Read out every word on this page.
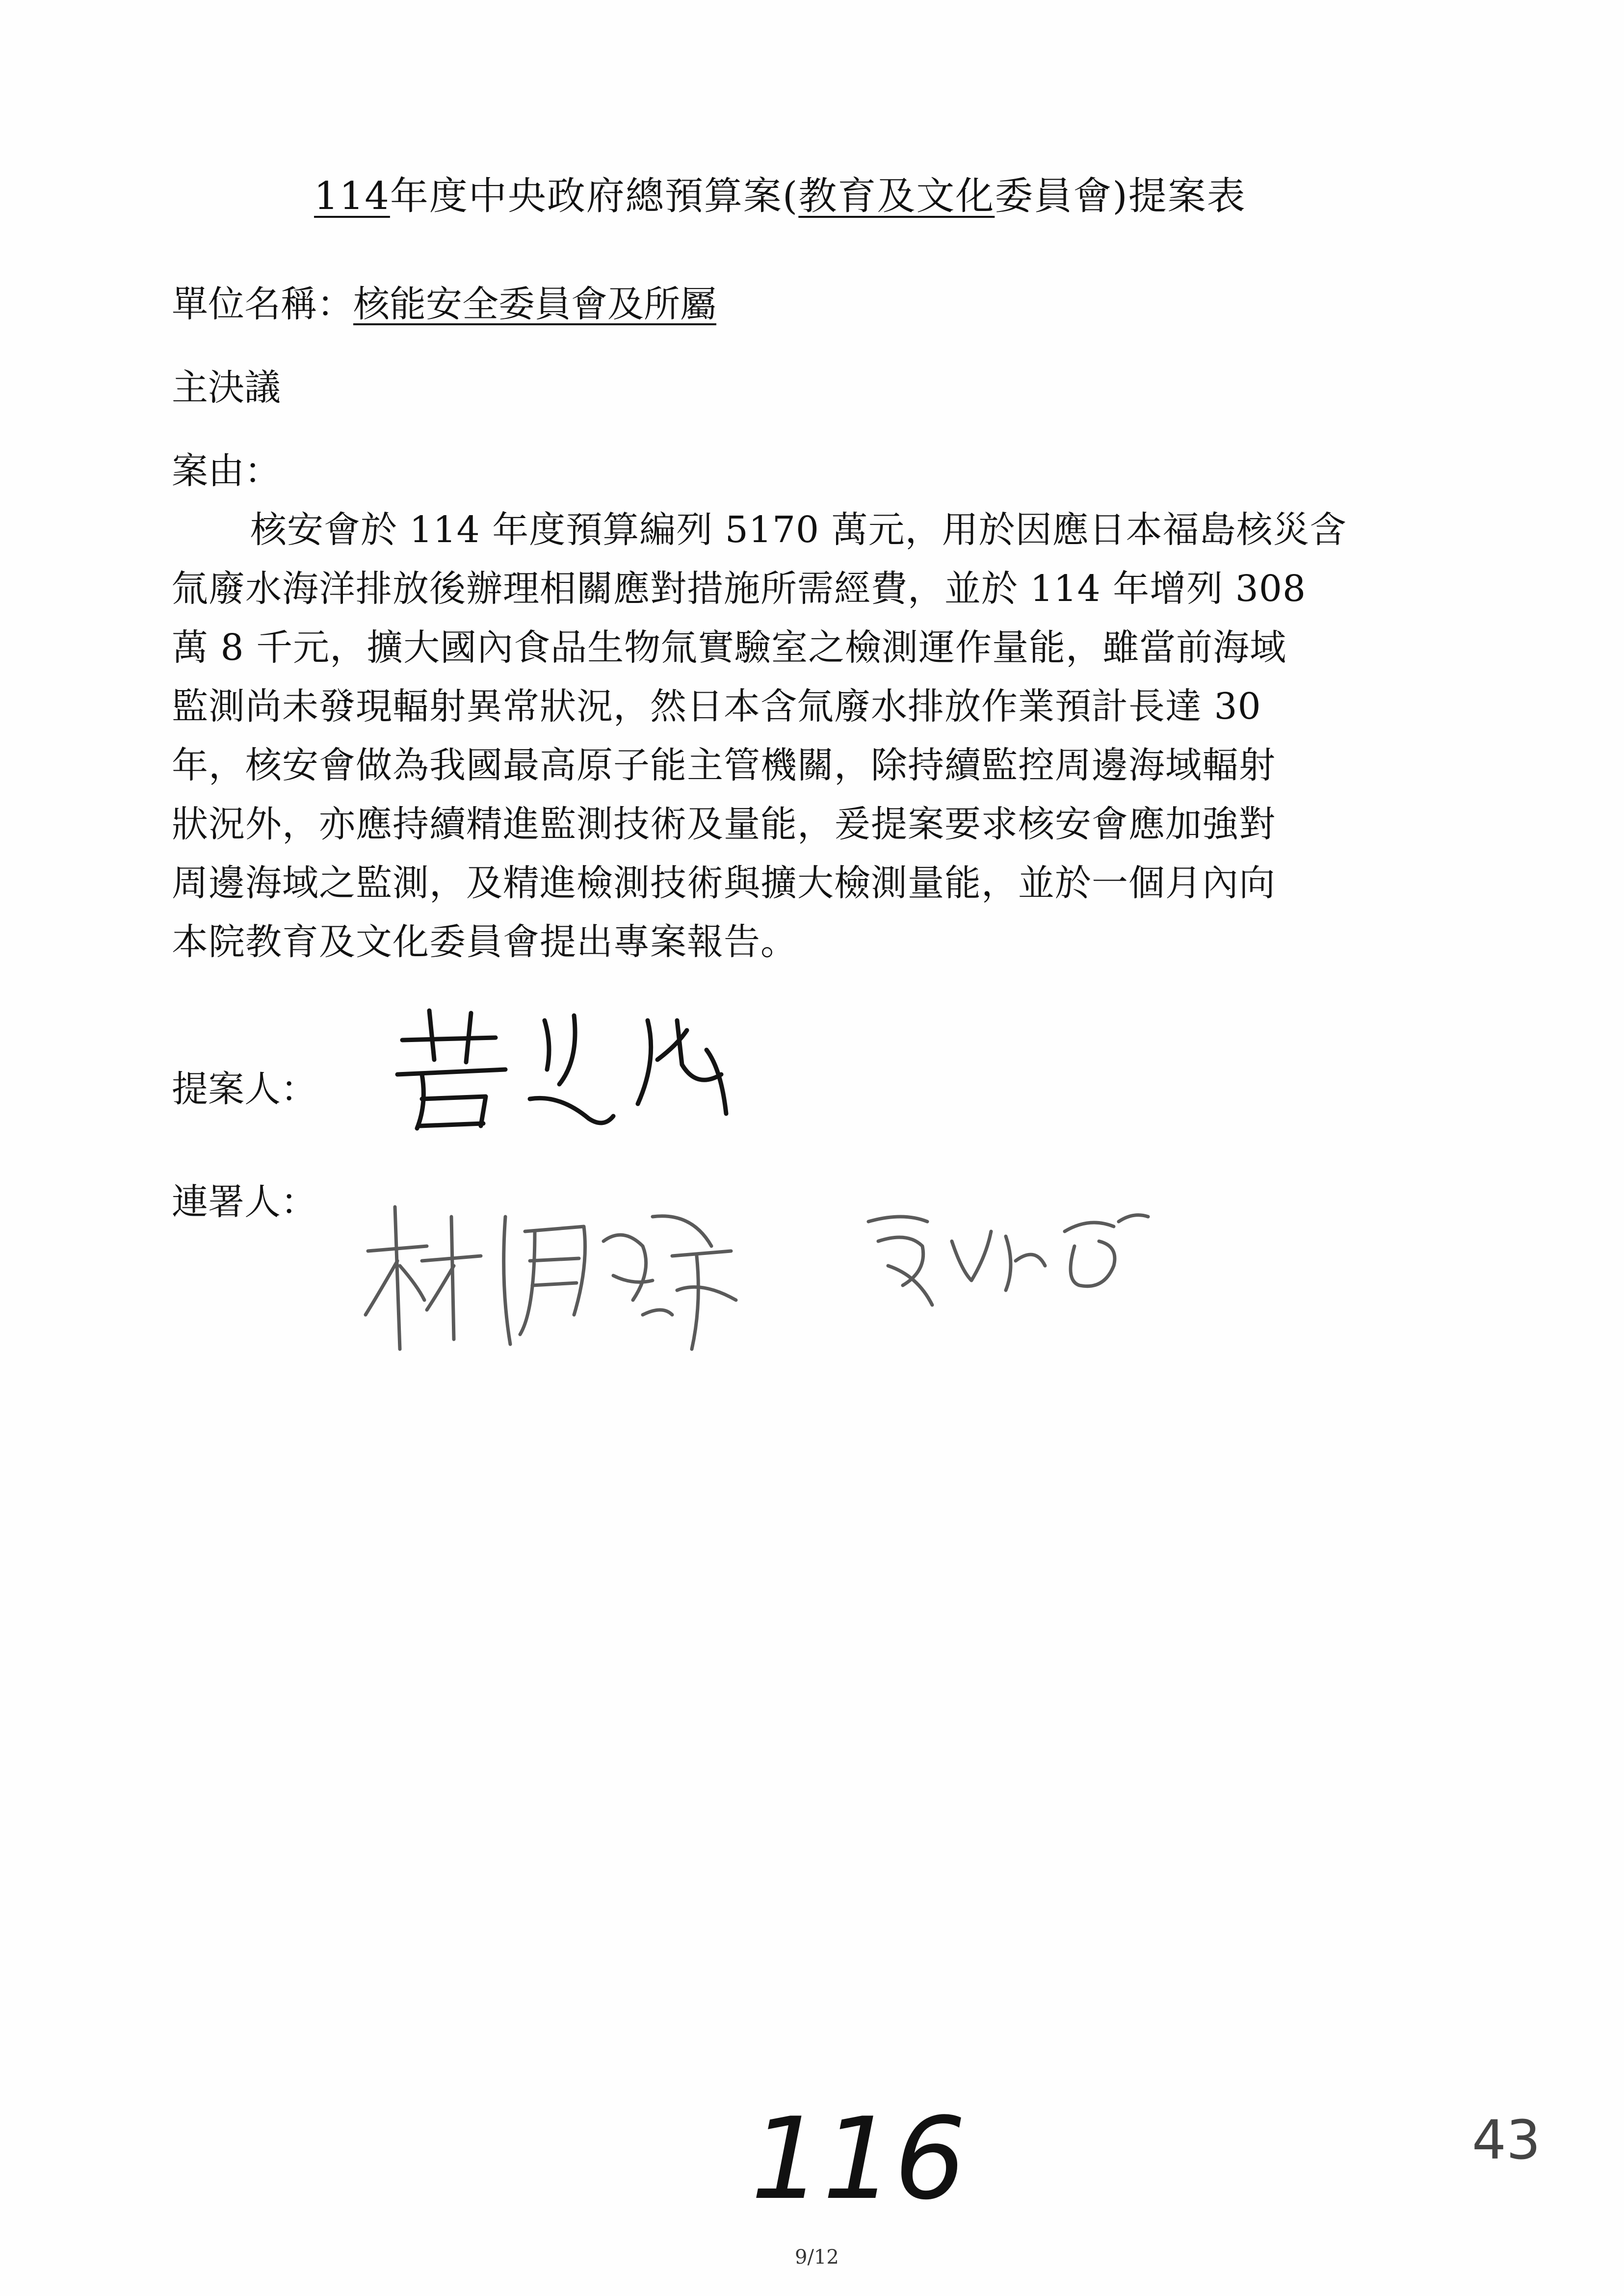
114年度中央政府總預算案(教育及文化委員會)提案表
單位名稱：核能安全委員會及所屬
主決議
案由：
核安會於 114 年度預算編列 5170 萬元，用於因應日本福島核災含
氚廢水海洋排放後辦理相關應對措施所需經費，並於 114 年增列 308
萬 8 千元，擴大國內食品生物氚實驗室之檢測運作量能，雖當前海域
監測尚未發現輻射異常狀況，然日本含氚廢水排放作業預計長達 30
年，核安會做為我國最高原子能主管機關，除持續監控周邊海域輻射
狀況外，亦應持續精進監測技術及量能，爰提案要求核安會應加強對
周邊海域之監測，及精進檢測技術與擴大檢測量能，並於一個月內向
本院教育及文化委員會提出專案報告。
提案人：
連署人：
116	43
9/12
